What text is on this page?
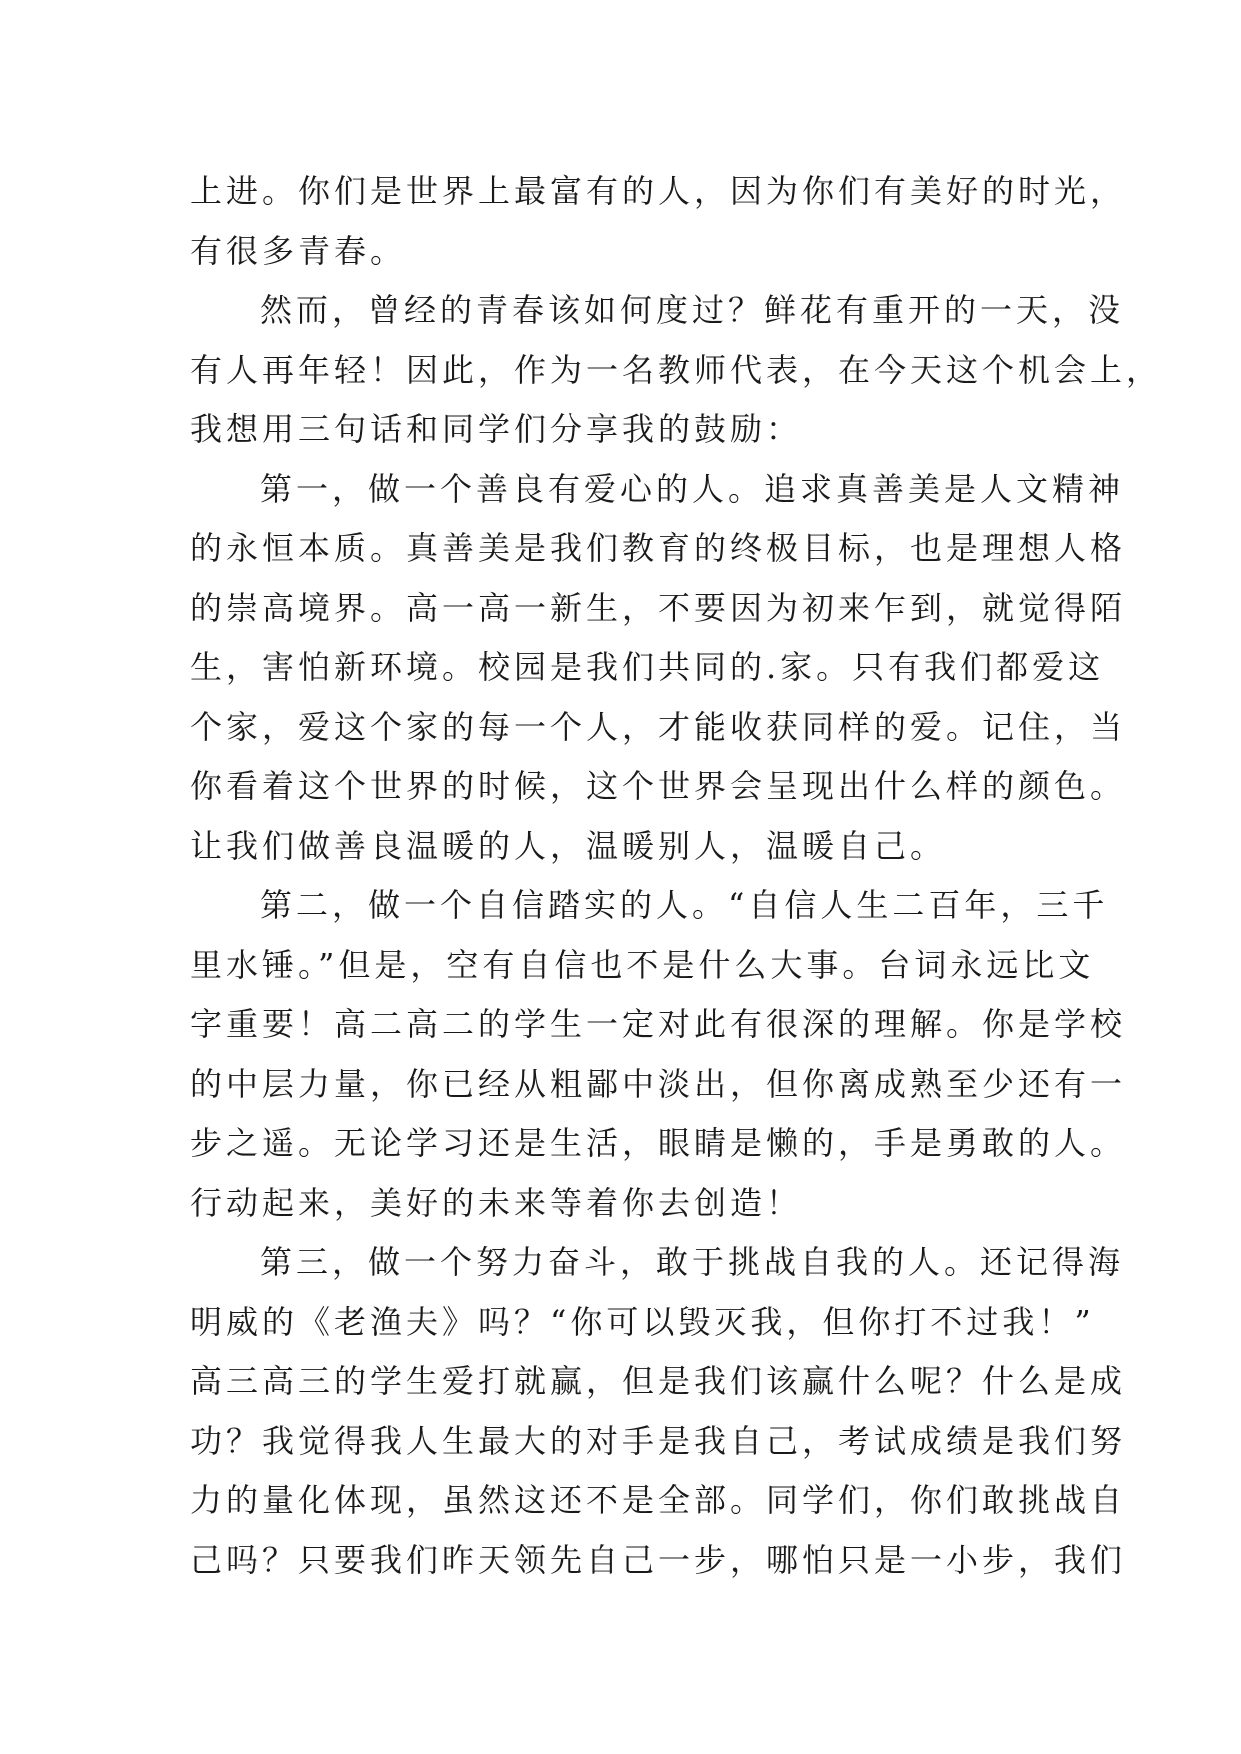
上进。你们是世界上最富有的人，因为你们有美好的时光，
有很多青春。
然而，曾经的青春该如何度过？鲜花有重开的一天，没
有人再年轻！因此，作为一名教师代表，在今天这个机会上，
我想用三句话和同学们分享我的鼓励：
第一，做一个善良有爱心的人。追求真善美是人文精神
的永恒本质。真善美是我们教育的终极目标，也是理想人格
的崇高境界。高一高一新生，不要因为初来乍到，就觉得陌
生，害怕新环境。校园是我们共同的.家。只有我们都爱这
个家，爱这个家的每一个人，才能收获同样的爱。记住，当
你看着这个世界的时候，这个世界会呈现出什么样的颜色。
让我们做善良温暖的人，温暖别人，温暖自己。
第二，做一个自信踏实的人。“自信人生二百年，三千
里水锤。”但是，空有自信也不是什么大事。台词永远比文
字重要！高二高二的学生一定对此有很深的理解。你是学校
的中层力量，你已经从粗鄙中淡出，但你离成熟至少还有一
步之遥。无论学习还是生活，眼睛是懒的，手是勇敢的人。
行动起来，美好的未来等着你去创造！
第三，做一个努力奋斗，敢于挑战自我的人。还记得海
明威的《老渔夫》吗？“你可以毁灭我，但你打不过我！”
高三高三的学生爱打就赢，但是我们该赢什么呢？什么是成
功？我觉得我人生最大的对手是我自己，考试成绩是我们努
力的量化体现，虽然这还不是全部。同学们，你们敢挑战自
己吗？只要我们昨天领先自己一步，哪怕只是一小步，我们
